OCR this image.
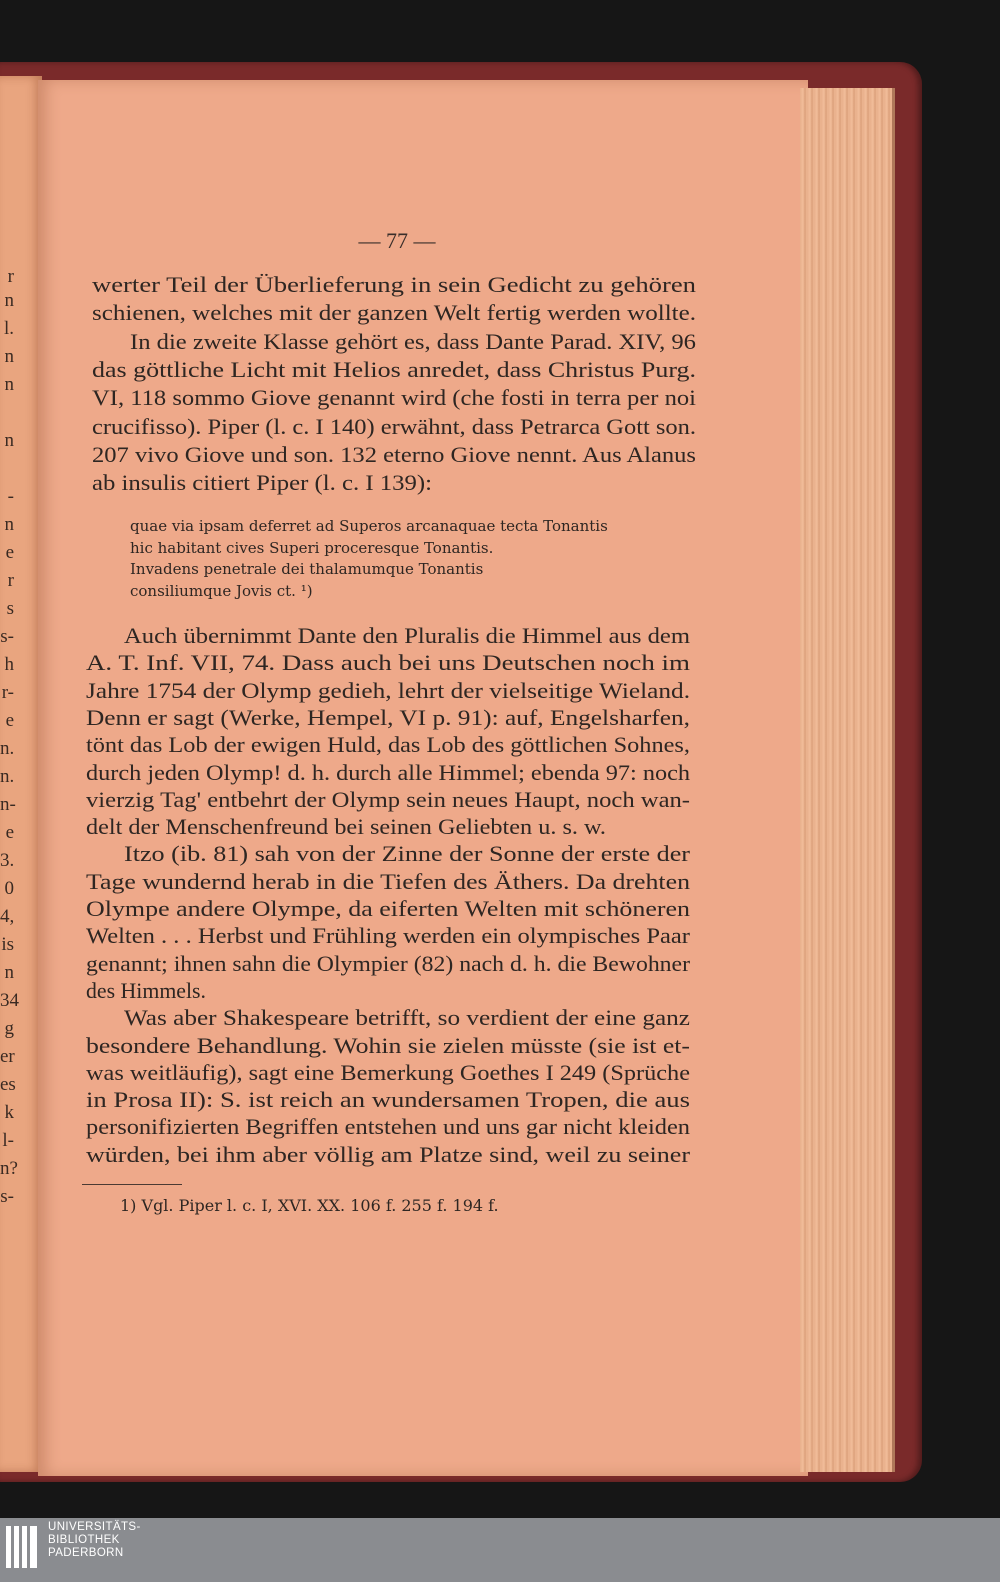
r
n
l.
n
n
n
-
n
e
r
s
s-
h
r-
e
n.
n.
n-
e
3.
0
4,
is
n
34
g
er
es
k
l-
n?
s-
— 77 —
werter Teil der Überlieferung in sein Gedicht zu gehören
schienen, welches mit der ganzen Welt fertig werden wollte.
In die zweite Klasse gehört es, dass Dante Parad. XIV, 96
das göttliche Licht mit Helios anredet, dass Christus Purg.
VI, 118 sommo Giove genannt wird (che fosti in terra per noi
crucifisso). Piper (l. c. I 140) erwähnt, dass Petrarca Gott son.
207 vivo Giove und son. 132 eterno Giove nennt. Aus Alanus
ab insulis citiert Piper (l. c. I 139):
quae via ipsam deferret ad Superos arcanaquae tecta Tonantis
hic habitant cives Superi proceresque Tonantis.
Invadens penetrale dei thalamumque Tonantis
consiliumque Jovis ct. ¹)
Auch übernimmt Dante den Pluralis die Himmel aus dem
A. T. Inf. VII, 74. Dass auch bei uns Deutschen noch im
Jahre 1754 der Olymp gedieh, lehrt der vielseitige Wieland.
Denn er sagt (Werke, Hempel, VI p. 91): auf, Engelsharfen,
tönt das Lob der ewigen Huld, das Lob des göttlichen Sohnes,
durch jeden Olymp! d. h. durch alle Himmel; ebenda 97: noch
vierzig Tag' entbehrt der Olymp sein neues Haupt, noch wan-
delt der Menschenfreund bei seinen Geliebten u. s. w.
Itzo (ib. 81) sah von der Zinne der Sonne der erste der
Tage wundernd herab in die Tiefen des Äthers. Da drehten
Olympe andere Olympe, da eiferten Welten mit schöneren
Welten . . . Herbst und Frühling werden ein olympisches Paar
genannt; ihnen sahn die Olympier (82) nach d. h. die Bewohner
des Himmels.
Was aber Shakespeare betrifft, so verdient der eine ganz
besondere Behandlung. Wohin sie zielen müsste (sie ist et-
was weitläufig), sagt eine Bemerkung Goethes I 249 (Sprüche
in Prosa II): S. ist reich an wundersamen Tropen, die aus
personifizierten Begriffen entstehen und uns gar nicht kleiden
würden, bei ihm aber völlig am Platze sind, weil zu seiner
1) Vgl. Piper l. c. I, XVI. XX. 106 f. 255 f. 194 f.
UNIVERSITÄTS-
BIBLIOTHEK
PADERBORN
